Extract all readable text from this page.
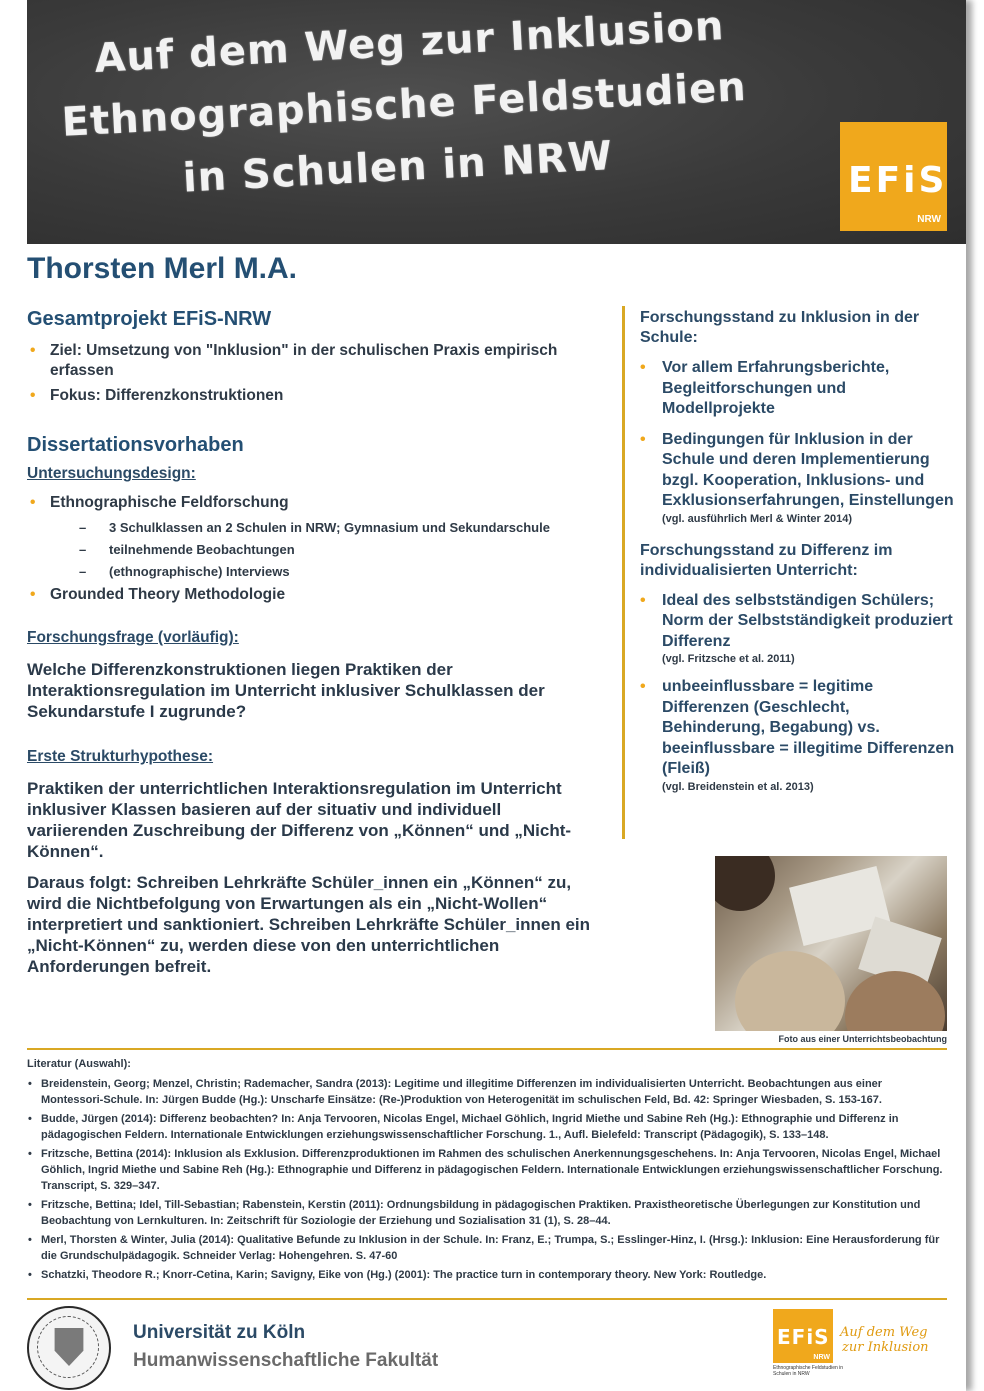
Auf dem Weg zur Inklusion
Ethnographische Feldstudien
in Schulen in NRW	EFiS
NRW
Thorsten Merl M.A.

Gesamtprojekt EFiS-NRW

• Ziel: Umsetzung von "Inklusion" in der schulischen Praxis empirisch erfassen
• Fokus: Differenzkonstruktionen

Dissertationsvorhaben

Untersuchungsdesign:

• Ethnographische Feldforschung
– 3 Schulklassen an 2 Schulen in NRW; Gymnasium und Sekundarschule
– teilnehmende Beobachtungen
– (ethnographische) Interviews
• Grounded Theory Methodologie

Forschungsfrage (vorläufig):

Welche Differenzkonstruktionen liegen Praktiken der Interaktionsregulation im Unterricht inklusiver Schulklassen der Sekundarstufe I zugrunde?

Erste Strukturhypothese:

Praktiken der unterrichtlichen Interaktionsregulation im Unterricht inklusiver Klassen basieren auf der situativ und individuell variierenden Zuschreibung der Differenz von „Können“ und „Nicht-Können“.

Daraus folgt: Schreiben Lehrkräfte Schüler_innen ein „Können“ zu, wird die Nichtbefolgung von Erwartungen als ein „Nicht-Wollen“ interpretiert und sanktioniert. Schreiben Lehrkräfte Schüler_innen ein „Nicht-Können“ zu, werden diese von den unterrichtlichen Anforderungen befreit.

Forschungsstand zu Inklusion in der Schule:

• Vor allem Erfahrungsberichte, Begleitforschungen und Modellprojekte
• Bedingungen für Inklusion in der Schule und deren Implementierung bzgl. Kooperation, Inklusions- und Exklusionserfahrungen, Einstellungen
(vgl. ausführlich Merl & Winter 2014)

Forschungsstand zu Differenz im individualisierten Unterricht:

• Ideal des selbstständigen Schülers; Norm der Selbstständigkeit produziert Differenz
(vgl. Fritzsche et al. 2011)
• unbeeinflussbare = legitime Differenzen (Geschlecht, Behinderung, Begabung) vs. beeinflussbare = illegitime Differenzen (Fleiß)
(vgl. Breidenstein et al. 2013)

Foto aus einer Unterrichtsbeobachtung

Literatur (Auswahl):

• Breidenstein, Georg; Menzel, Christin; Rademacher, Sandra (2013): Legitime und illegitime Differenzen im individualisierten Unterricht. Beobachtungen aus einer Montessori-Schule. In: Jürgen Budde (Hg.): Unscharfe Einsätze: (Re-)Produktion von Heterogenität im schulischen Feld, Bd. 42: Springer Wiesbaden, S. 153-167.
• Budde, Jürgen (2014): Differenz beobachten? In: Anja Tervooren, Nicolas Engel, Michael Göhlich, Ingrid Miethe und Sabine Reh (Hg.): Ethnographie und Differenz in pädagogischen Feldern. Internationale Entwicklungen erziehungswissenschaftlicher Forschung. 1., Aufl. Bielefeld: Transcript (Pädagogik), S. 133–148.
• Fritzsche, Bettina (2014): Inklusion als Exklusion. Differenzproduktionen im Rahmen des schulischen Anerkennungsgeschehens. In: Anja Tervooren, Nicolas Engel, Michael Göhlich, Ingrid Miethe und Sabine Reh (Hg.): Ethnographie und Differenz in pädagogischen Feldern. Internationale Entwicklungen erziehungswissenschaftlicher Forschung. Transcript, S. 329–347.
• Fritzsche, Bettina; Idel, Till-Sebastian; Rabenstein, Kerstin (2011): Ordnungsbildung in pädagogischen Praktiken. Praxistheoretische Überlegungen zur Konstitution und Beobachtung von Lernkulturen. In: Zeitschrift für Soziologie der Erziehung und Sozialisation 31 (1), S. 28–44.
• Merl, Thorsten & Winter, Julia (2014): Qualitative Befunde zu Inklusion in der Schule. In: Franz, E.; Trumpa, S.; Esslinger-Hinz, I. (Hrsg.): Inklusion: Eine Herausforderung für die Grundschulpädagogik. Schneider Verlag: Hohengehren. S. 47-60
• Schatzki, Theodore R.; Knorr-Cetina, Karin; Savigny, Eike von (Hg.) (2001): The practice turn in contemporary theory. New York: Routledge.

Universität zu Köln

Humanwissenschaftliche Fakultät

EFiS
NRW

Ethnographische Feldstudien in Schulen in NRW

Auf dem Weg
zur Inklusion
